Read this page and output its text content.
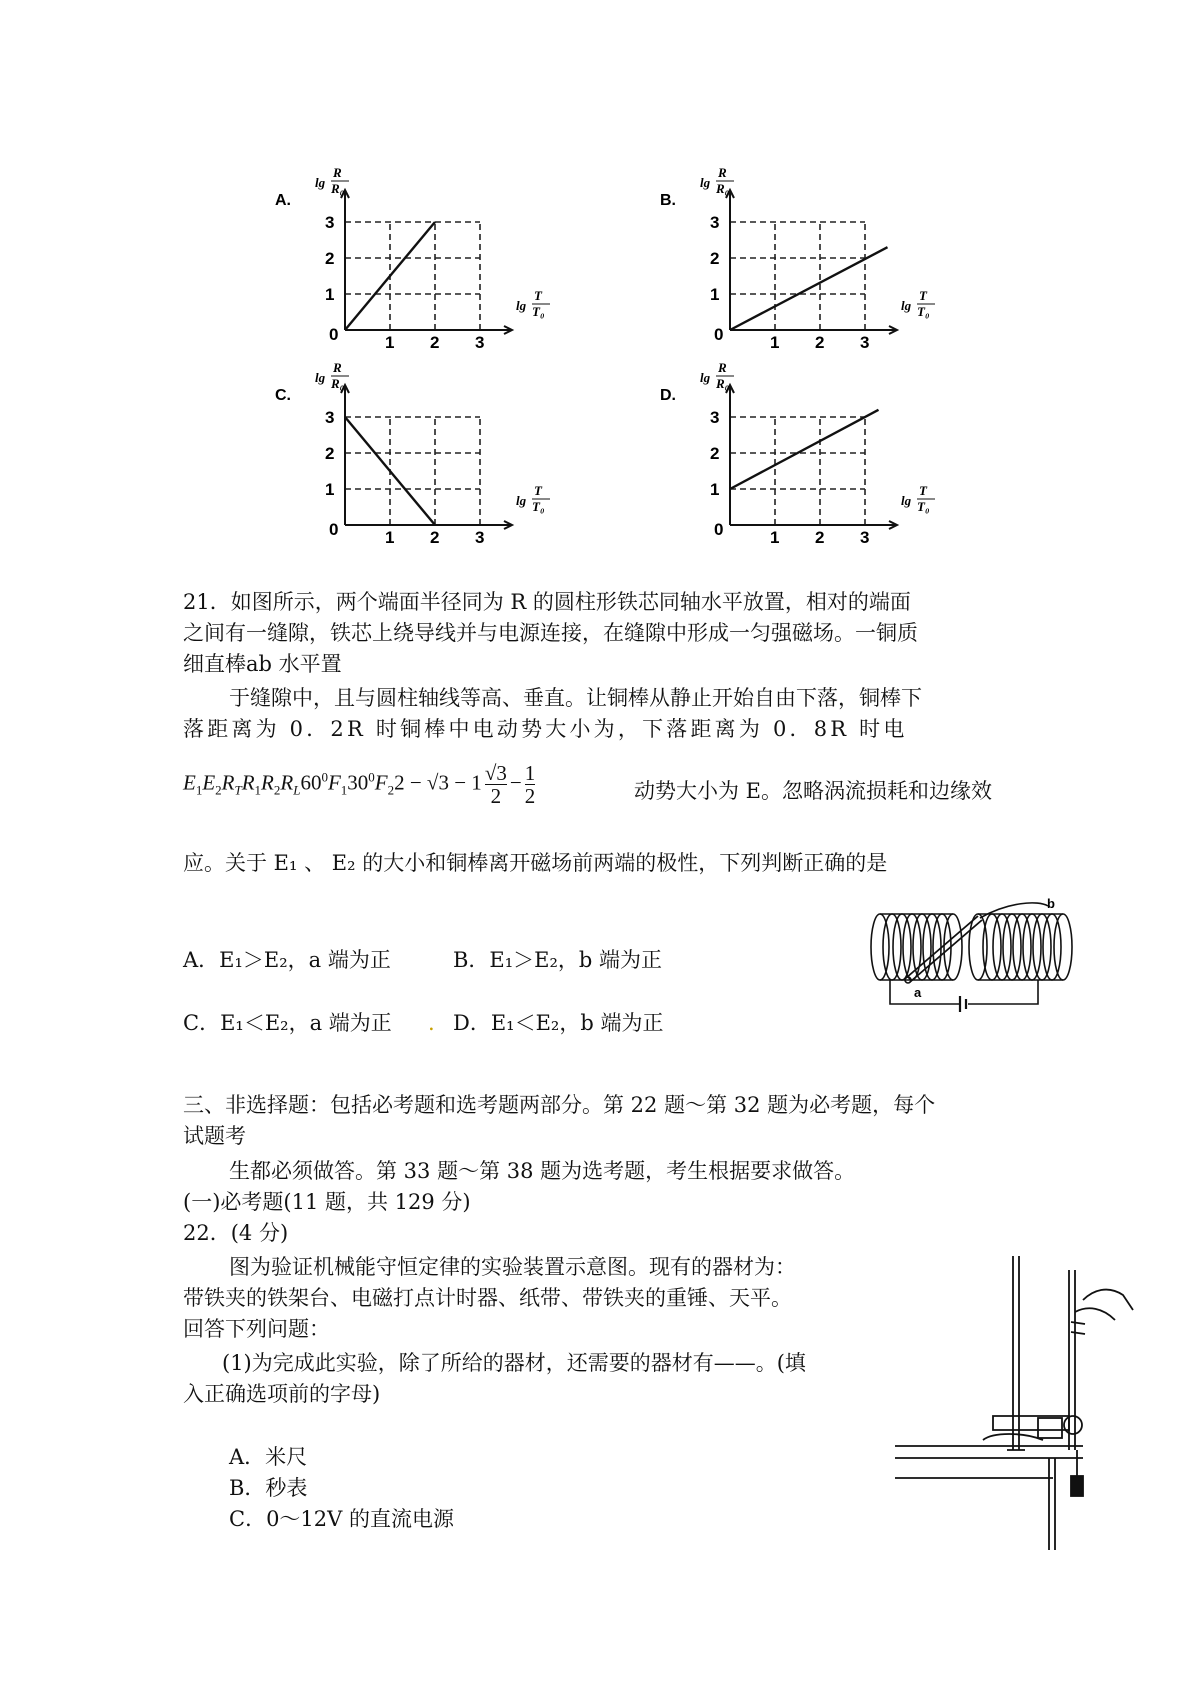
1 2 3
1
2
3
0
A.
lg
R
R₀
lg
T
T₀
1 2 3
1
2
3
0
B.
lg
R
R₀
lg
T
T₀
1 2 3
1
2
3
0
C.
lg
R
R₀
lg
T
T₀
1 2 3
1
2
3
0
D.
lg
R
R₀
lg
T
T₀
21．如图所示，两个端面半径同为 R 的圆柱形铁芯同轴水平放置，相对的端面
之间有一缝隙，铁芯上绕导线并与电源连接，在缝隙中形成一匀强磁场。一铜质
细直棒ab 水平置
于缝隙中，且与圆柱轴线等高、垂直。让铜棒从静止开始自由下落，铜棒下
落距离为 0．2R 时铜棒中电动势大小为，下落距离为 0．8R 时电
$E_1E_2R_TR_1R_2R_L60^0F_130^0F_22 - √3 - 1 \frac{√3}{2} - \frac{1}{2}$	动势大小为 E。忽略涡流损耗和边缘效
应。关于 E₁ 、 E₂ 的大小和铜棒离开磁场前两端的极性，下列判断正确的是
A．E₁＞E₂，a 端为正	B．E₁＞E₂，b 端为正
C．E₁＜E₂，a 端为正 . D．E₁＜E₂，b 端为正
a
b
三、非选择题：包括必考题和选考题两部分。第 22 题～第 32 题为必考题，每个
试题考
生都必须做答。第 33 题～第 38 题为选考题，考生根据要求做答。
(一)必考题(11 题，共 129 分)
22．(4 分)
图为验证机械能守恒定律的实验装置示意图。现有的器材为：
带铁夹的铁架台、电磁打点计时器、纸带、带铁夹的重锤、天平。
回答下列问题：
(1)为完成此实验，除了所给的器材，还需要的器材有——。(填
入正确选项前的字母)
A．米尺
B．秒表
C．0～12V 的直流电源
